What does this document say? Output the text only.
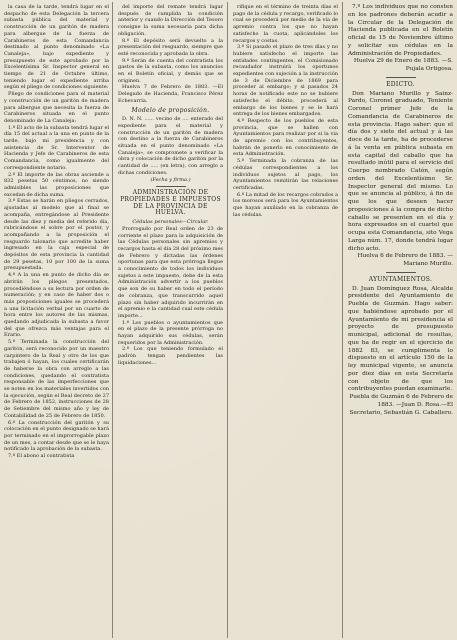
la casa de la tarde, tendrá lugar en el despacho de esta Delegación la tercera subasta pública del material y construcción de un garitón de madera para albergue de la fuerza de Carabineros de esta Comandancia destinado al punto denominado «La Canaleja», bajo expediente y presupuesto de este aprobado por la Excelentísima Sr. Inspector general en tiempo de 21 de Octubre último, teniendo lugar el expediente arriba según el pliego de condiciones siguiente:

Pliego de condiciones para el material y construcción de un garitón de madera para albergue que necesita la fuerza de Carabineros situada en el punto denominado de La Canaleja:

1.º El acto de la subasta tendrá lugar el día 15 del actual a la una en punto de la tarde, bajo mi presidencia y con asistencia de Sr. Interventor de Hacienda y Jefe de Carabineros de esta Comandancia, como igualmente del correspondiente notario.

2.º El importe de las obras asciende a 832 pesetas 50 céntimos, no siendo admisibles las proposiciones que excedan de dicha suma.

3.º Estas se harán en pliegos cerrados, ajustadas al modelo que al final se acompaña, entregándose al Presidente desde las diez y media del referido día, rubricándose el sobre por el postor, y acompañando a la proposición el resguardo talonario que acredite haber ingresado en la caja especial de depósitos de esta provincia la cantidad de 29 pesetas, 10 por 100 de la suma presupuestada.

4.º A la una en punto de dicho día se abrirán los pliegos presentados, procediéndose a su lectura por orden de numeración; y en caso de haber dos o más proposiciones iguales se procederá a una licitación verbal por un cuarto de hora entre los autores de las mismas, quedando adjudicada la subasta a favor del que ofrezca más ventajas para el Erario.

5.º Terminada la construcción del garitón, será reconocido por un maestro carpintero de la Real y otro de los que trabajen ó hayan, los cuales certificarán de haberse la obra con arreglo a las condiciones, quedando el contratista responsable de las imperfecciones que se noten en los materiales invertidos con la ejecución, según el Real decreto de 27 de Febrero de 1852, instrucciones de 28 de Setiembre del mismo año y ley de Contabilidad de 25 de Febrero de 1850.

6.º La construcción del garitón y su colocación en el punto designado se hará por terminado en el improrrogable plazo de un mes, a contar desde que se le haya notificado la aprobación de la subasta.

7.º El abono al contratista

del importe del remate tendrá lugar después de cumplida la condición anterior y cuando la Dirección del Tesoro consigne la suma necesaria para dicha obligación.

8.º El depósito será devuelto a la presentación del resguardo, siempre que esté reconocida y aprobada la obra.

9.º Serán de cuenta del contratista los gastos de la subasta, como los anuncios en el Boletín oficial, y demás que se originen.

Huelva 7 de Febrero de 1883. —El Delegado de Hacienda, Francisco Pérez Echevarría.

Modelo de proposición.

D. N. N. ...... vecino de .... enterado del expediente para el material y construcción de un garitón de madera con destino a la fuerza de Carabineros situada en el punto denominado «La Canaleja», se compromete a verificar la obra y colocación de dicho garitón por la cantidad de ..... (en letra), con arreglo a dichas condiciones.

(Fecha y firma.)

ADMINISTRACIÓN DE PROPIEDADES E IMPUESTOS DE LA PROVINCIA DE HUELVA.

Cédulas personales—Circular.

Prorrogado por Real orden de 23 de corriente el plazo para la adquisición de las Cédulas personales sin apremios y recargos hasta el día 28 del próximo mes de Febrero y dictadas las órdenes oportunas para que esta prórroga llegue a conocimiento de todos los individuos sujetos a este impuesto, debe de la esta Administración advertir a los pueblos que son de su haber en todo el período de cobranza, que transcurrido aquel plazo sin haber adquirido incurrirán en el apremio e la cantidad cual este cédula importe...

1.º Los pueblos o ayuntamientos que en el plazo de la presente prórroga no hayan adquirido sus cédulas, serán requeridos por la Administración.

2.º Los que teniendo formulado el padrón tengan pendientes las liquidaciones...

rifique en el término de treinta días el pago de la cédula y recargo, verificado lo cual se procederá por medio de la vía de apremio contra los que no hayan satisfecho la cuota, aplicándoles los recargos y costas.

3.º Si pasado el plazo de tres días y no hubiere satisfecho el importe las entidades contingentes, el Comisionado recaudador instruirá los oportunos expedientes con sujeción a la instrucción de 3 de Diciembre de 1869 para proceder al embargo; y si pasados 24 horas de notificado este no se hubiere satisfecho el débito, procederá al embargo de los bienes y se le hará entrega de los bienes embargados.

4.º Respecto de los pueblos de esta provincia, que se hallen con Ayuntamientos para realizar por si la via de apremio con los contribuyentes, habrán de ponerlo en conocimiento de esta Administración.

5.º Terminada la cobranza de las cédulas correspondientes a los individuos sujetos al pago, los Ayuntamientos remitirán las relaciones certificadas.

6.º La mitad de los recargos cobrados a los morosos será para los Ayuntamientos que hayan auxiliado en la cobranza de las cédulas.

7.º Los individuos que no consten en los padrones deberán acudir a la Circular de la Delegación de Hacienda publicada en el Boletín oficial de 15 de Noviembre último y solicitar sus cédulas en la Administración de Propiedades.

Huelva 29 de Enero de 1883. —S. Pujala Ortigosa.

EDICTO.

Don Mariano Murillo y Sainz-Pardo, Coronel graduado, Teniente Coronel primer Jefe de la Comandancia de Carabineros de esta provincia. Hago saber: que el día dos y siete del actual y á las doce de la tarde, ha de procederse á la venta en pública subasta en esta capital del caballo que ha resultado inútil para el servicio del Cuerpo nombrado Catón, según orden del Excelentísimo Sr. Inspector general del mismo. Lo que se anuncia al público, á fin de que los que deseen hacer proposiciones á la compra de dicho caballo se presenten en el día y hora expresados en el cuartel que ocupa esta Comandancia, sito Vega Larga núm. 17, donde tendrá lugar dicho acto.

Huelva 6 de Febrero de 1883. —Mariano Murillo.

AYUNTAMIENTOS.

D. Juan Domínguez Rosa, Alcalde presidente del Ayuntamiento de Puebla de Guzmán. Hago saber: que habiéndose aprobado por el Ayuntamiento de mi presidencia el proyecto de presupuesto municipal, adicional de resultas, que ha de regir en el ejercicio de 1882 83, se cumplimenta lo dispuesto en el artículo 150 de la ley municipal vigente, se anuncia por diez días en esta Secretaría con objeto de que los contribuyentes puedan examinarle.

Puebla de Guzmán 6 de Febrero de 1883. —Juan D. Rosa.—El Secretario, Sebastián G. Caballero.
